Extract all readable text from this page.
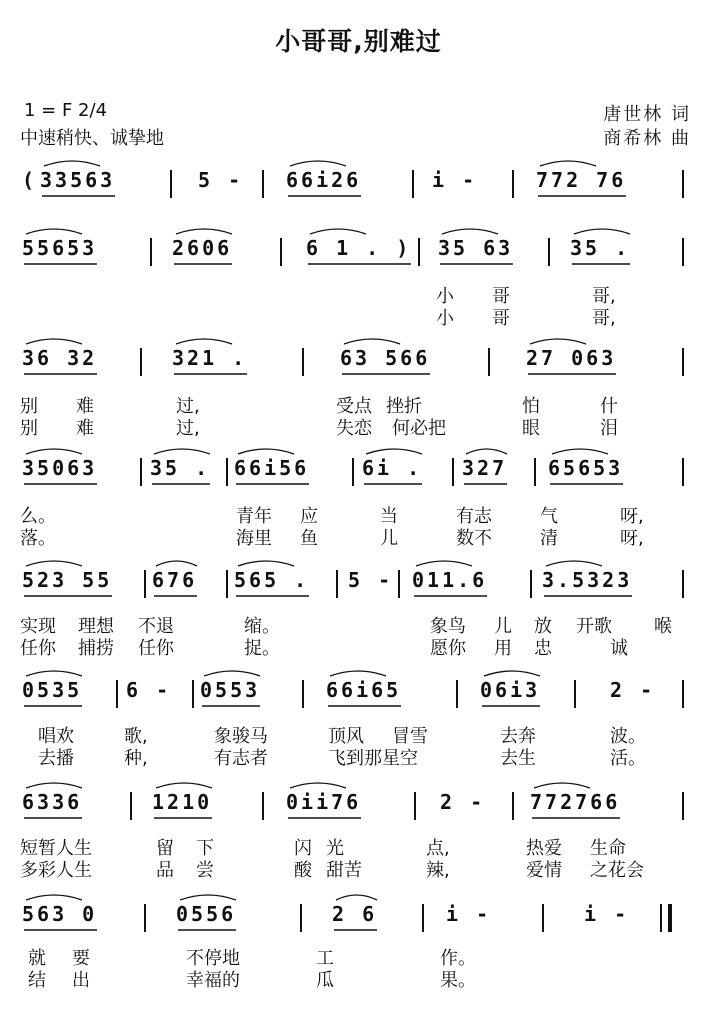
小哥哥,别难过
1 = F 2/4
中速稍快、诚挚地
唐世林 词
商希林 曲
( 33563	5 - 66i26	i -	772 76
55653	2606	6 1 . ) 35 63	35 .
小 哥	哥,
小 哥	哥,
36 32	321 .	63 566	27 063
别 难	过,	受点 挫折	怕	什
别 难	过,	失恋 何必把	眼	泪
35063	35 . 66i56	6i . 327 65653
么。	青年 应	当	有志	气	呀,
落。	海里 鱼	儿	数不	清	呀,
523 55 676 565 . 5 - 011.6	3.5323
实现 理想 不退	缩。	象鸟 儿 放 开歌 喉
任你 捕捞 任你	捉。	愿你 用 忠	诚
0535 6 - 0553	66i65	06i3	2 -
唱欢	歌,	象骏马	顶风 冒雪	去奔	波。
去播	种,	有志者	飞到那星空	去生	活。
6336	1210	0ii76	2 - 772766
短暂人生	留 下	闪 光	点,	热爱 生命
多彩人生	品 尝	酸 甜苦	辣,	爱情 之花会
563 0	0556	2 6	i -	i -
就 要	不停地	工	作。
结 出	幸福的	瓜	果。
